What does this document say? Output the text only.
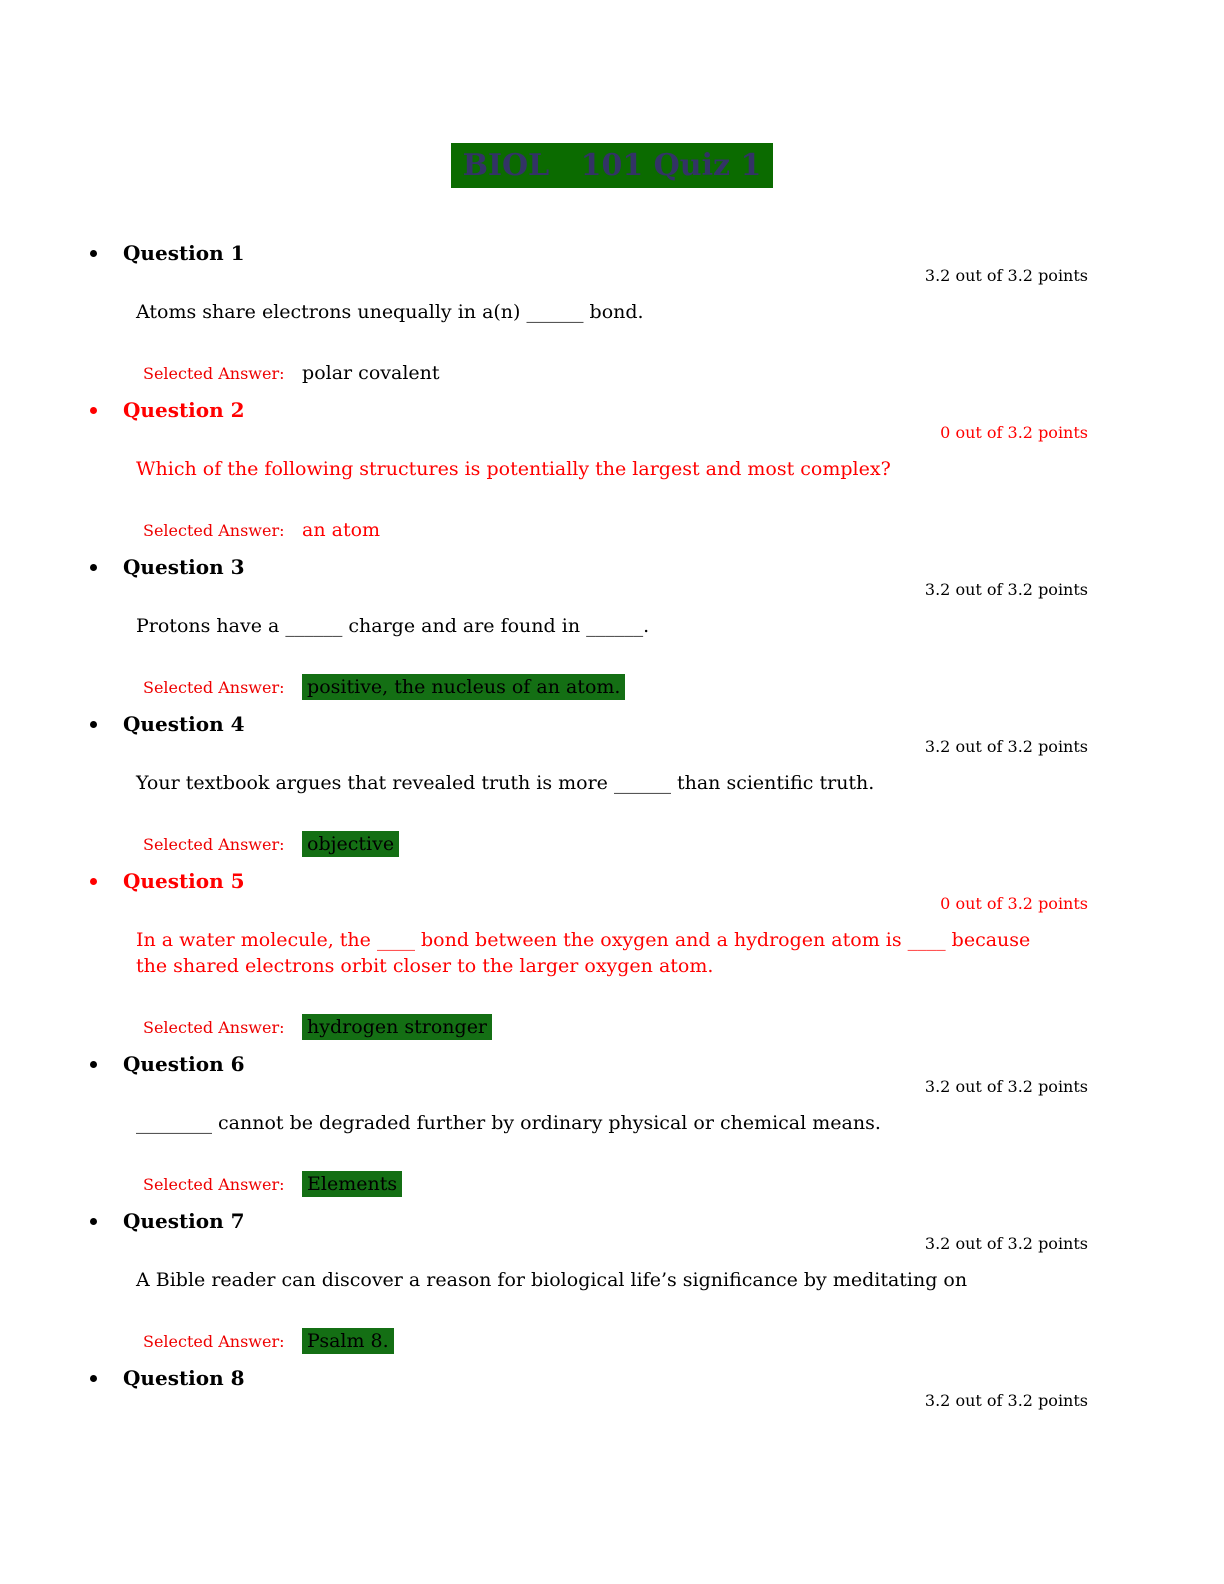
BIOL   101 Quiz 1
Question 1
3.2 out of 3.2 points
Atoms share electrons unequally in a(n) ______ bond.
Selected Answer: polar covalent
Question 2
0 out of 3.2 points
Which of the following structures is potentially the largest and most complex?
Selected Answer: an atom
Question 3
3.2 out of 3.2 points
Protons have a ______ charge and are found in ______.
Selected Answer: positive, the nucleus of an atom.
Question 4
3.2 out of 3.2 points
Your textbook argues that revealed truth is more ______ than scientific truth.
Selected Answer: objective
Question 5
0 out of 3.2 points
In a water molecule, the ____ bond between the oxygen and a hydrogen atom is ____ because the shared electrons orbit closer to the larger oxygen atom.
Selected Answer: hydrogen stronger
Question 6
3.2 out of 3.2 points
________ cannot be degraded further by ordinary physical or chemical means.
Selected Answer: Elements
Question 7
3.2 out of 3.2 points
A Bible reader can discover a reason for biological life’s significance by meditating on
Selected Answer: Psalm 8.
Question 8
3.2 out of 3.2 points
